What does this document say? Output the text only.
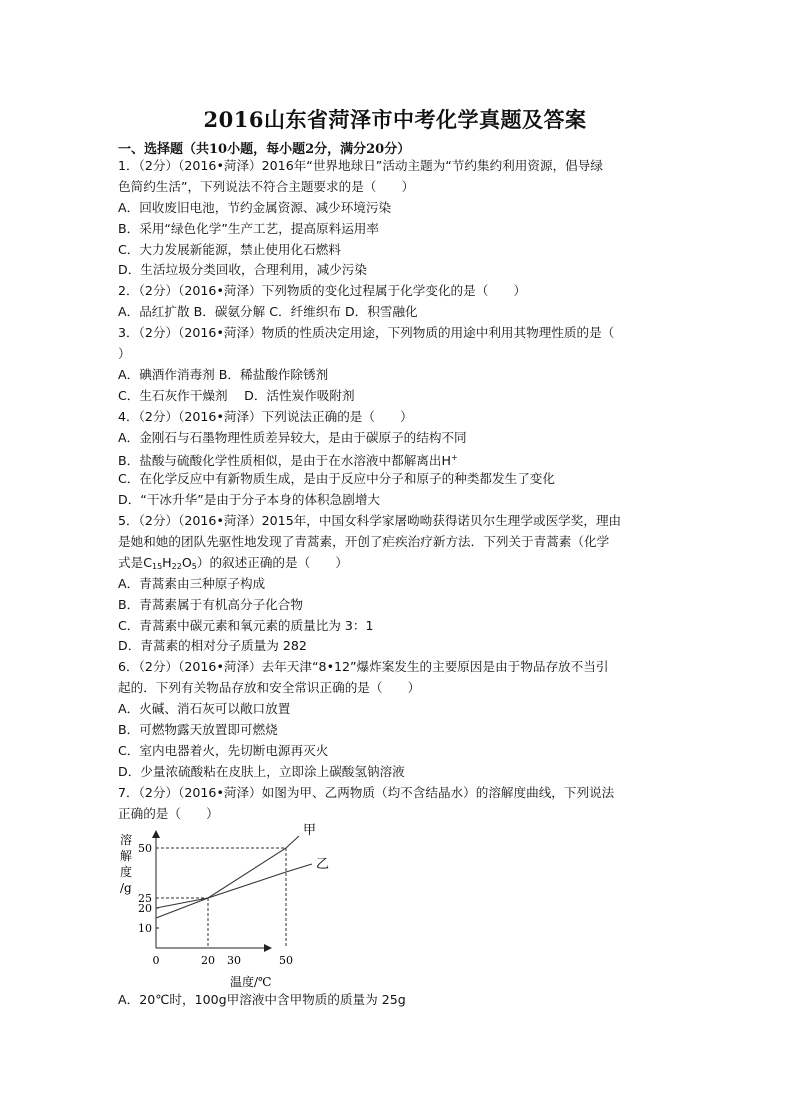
2016山东省菏泽市中考化学真题及答案
一、选择题（共10小题，每小题2分，满分20分）
1．（2分）（2016•菏泽）2016年“世界地球日”活动主题为“节约集约利用资源，倡导绿
色简约生活”，下列说法不符合主题要求的是（　　）
A．回收废旧电池，节约金属资源、减少环境污染
B．采用“绿色化学”生产工艺，提高原料运用率
C．大力发展新能源，禁止使用化石燃料
D．生活垃圾分类回收，合理利用，减少污染
2．（2分）（2016•菏泽）下列物质的变化过程属于化学变化的是（　　）
A．品红扩散 B．碳氨分解 C．纤维织布 D．积雪融化
3．（2分）（2016•菏泽）物质的性质决定用途，下列物质的用途中利用其物理性质的是（
）
A．碘酒作消毒剂 B．稀盐酸作除锈剂
C．生石灰作干燥剂　 D．活性炭作吸附剂
4．（2分）（2016•菏泽）下列说法正确的是（　　）
A．金刚石与石墨物理性质差异较大，是由于碳原子的结构不同
B．盐酸与硫酸化学性质相似，是由于在水溶液中都解离出H+
C．在化学反应中有新物质生成，是由于反应中分子和原子的种类都发生了变化
D．“干冰升华”是由于分子本身的体积急剧增大
5．（2分）（2016•菏泽）2015年，中国女科学家屠呦呦获得诺贝尔生理学或医学奖，理由
是她和她的团队先驱性地发现了青蒿素，开创了疟疾治疗新方法．下列关于青蒿素（化学
式是$C_{15}H_{22}O_5$）的叙述正确的是（　　）
A．青蒿素由三种原子构成
B．青蒿素属于有机高分子化合物
C．青蒿素中碳元素和氧元素的质量比为 3：1
D．青蒿素的相对分子质量为 282
6．（2分）（2016•菏泽）去年天津“8•12”爆炸案发生的主要原因是由于物品存放不当引
起的．下列有关物品存放和安全常识正确的是（　　）
A．火碱、消石灰可以敞口放置
B．可燃物露天放置即可燃烧
C．室内电器着火，先切断电源再灭火
D．少量浓硫酸粘在皮肤上，立即涂上碳酸氢钠溶液
7．（2分）（2016•菏泽）如图为甲、乙两物质（均不含结晶水）的溶解度曲线，下列说法
正确的是（　　）
溶
解
度
/g
温度/℃
50
25
20
10
0	20 30	50
甲
乙
A．20℃时，100g甲溶液中含甲物质的质量为 25g
